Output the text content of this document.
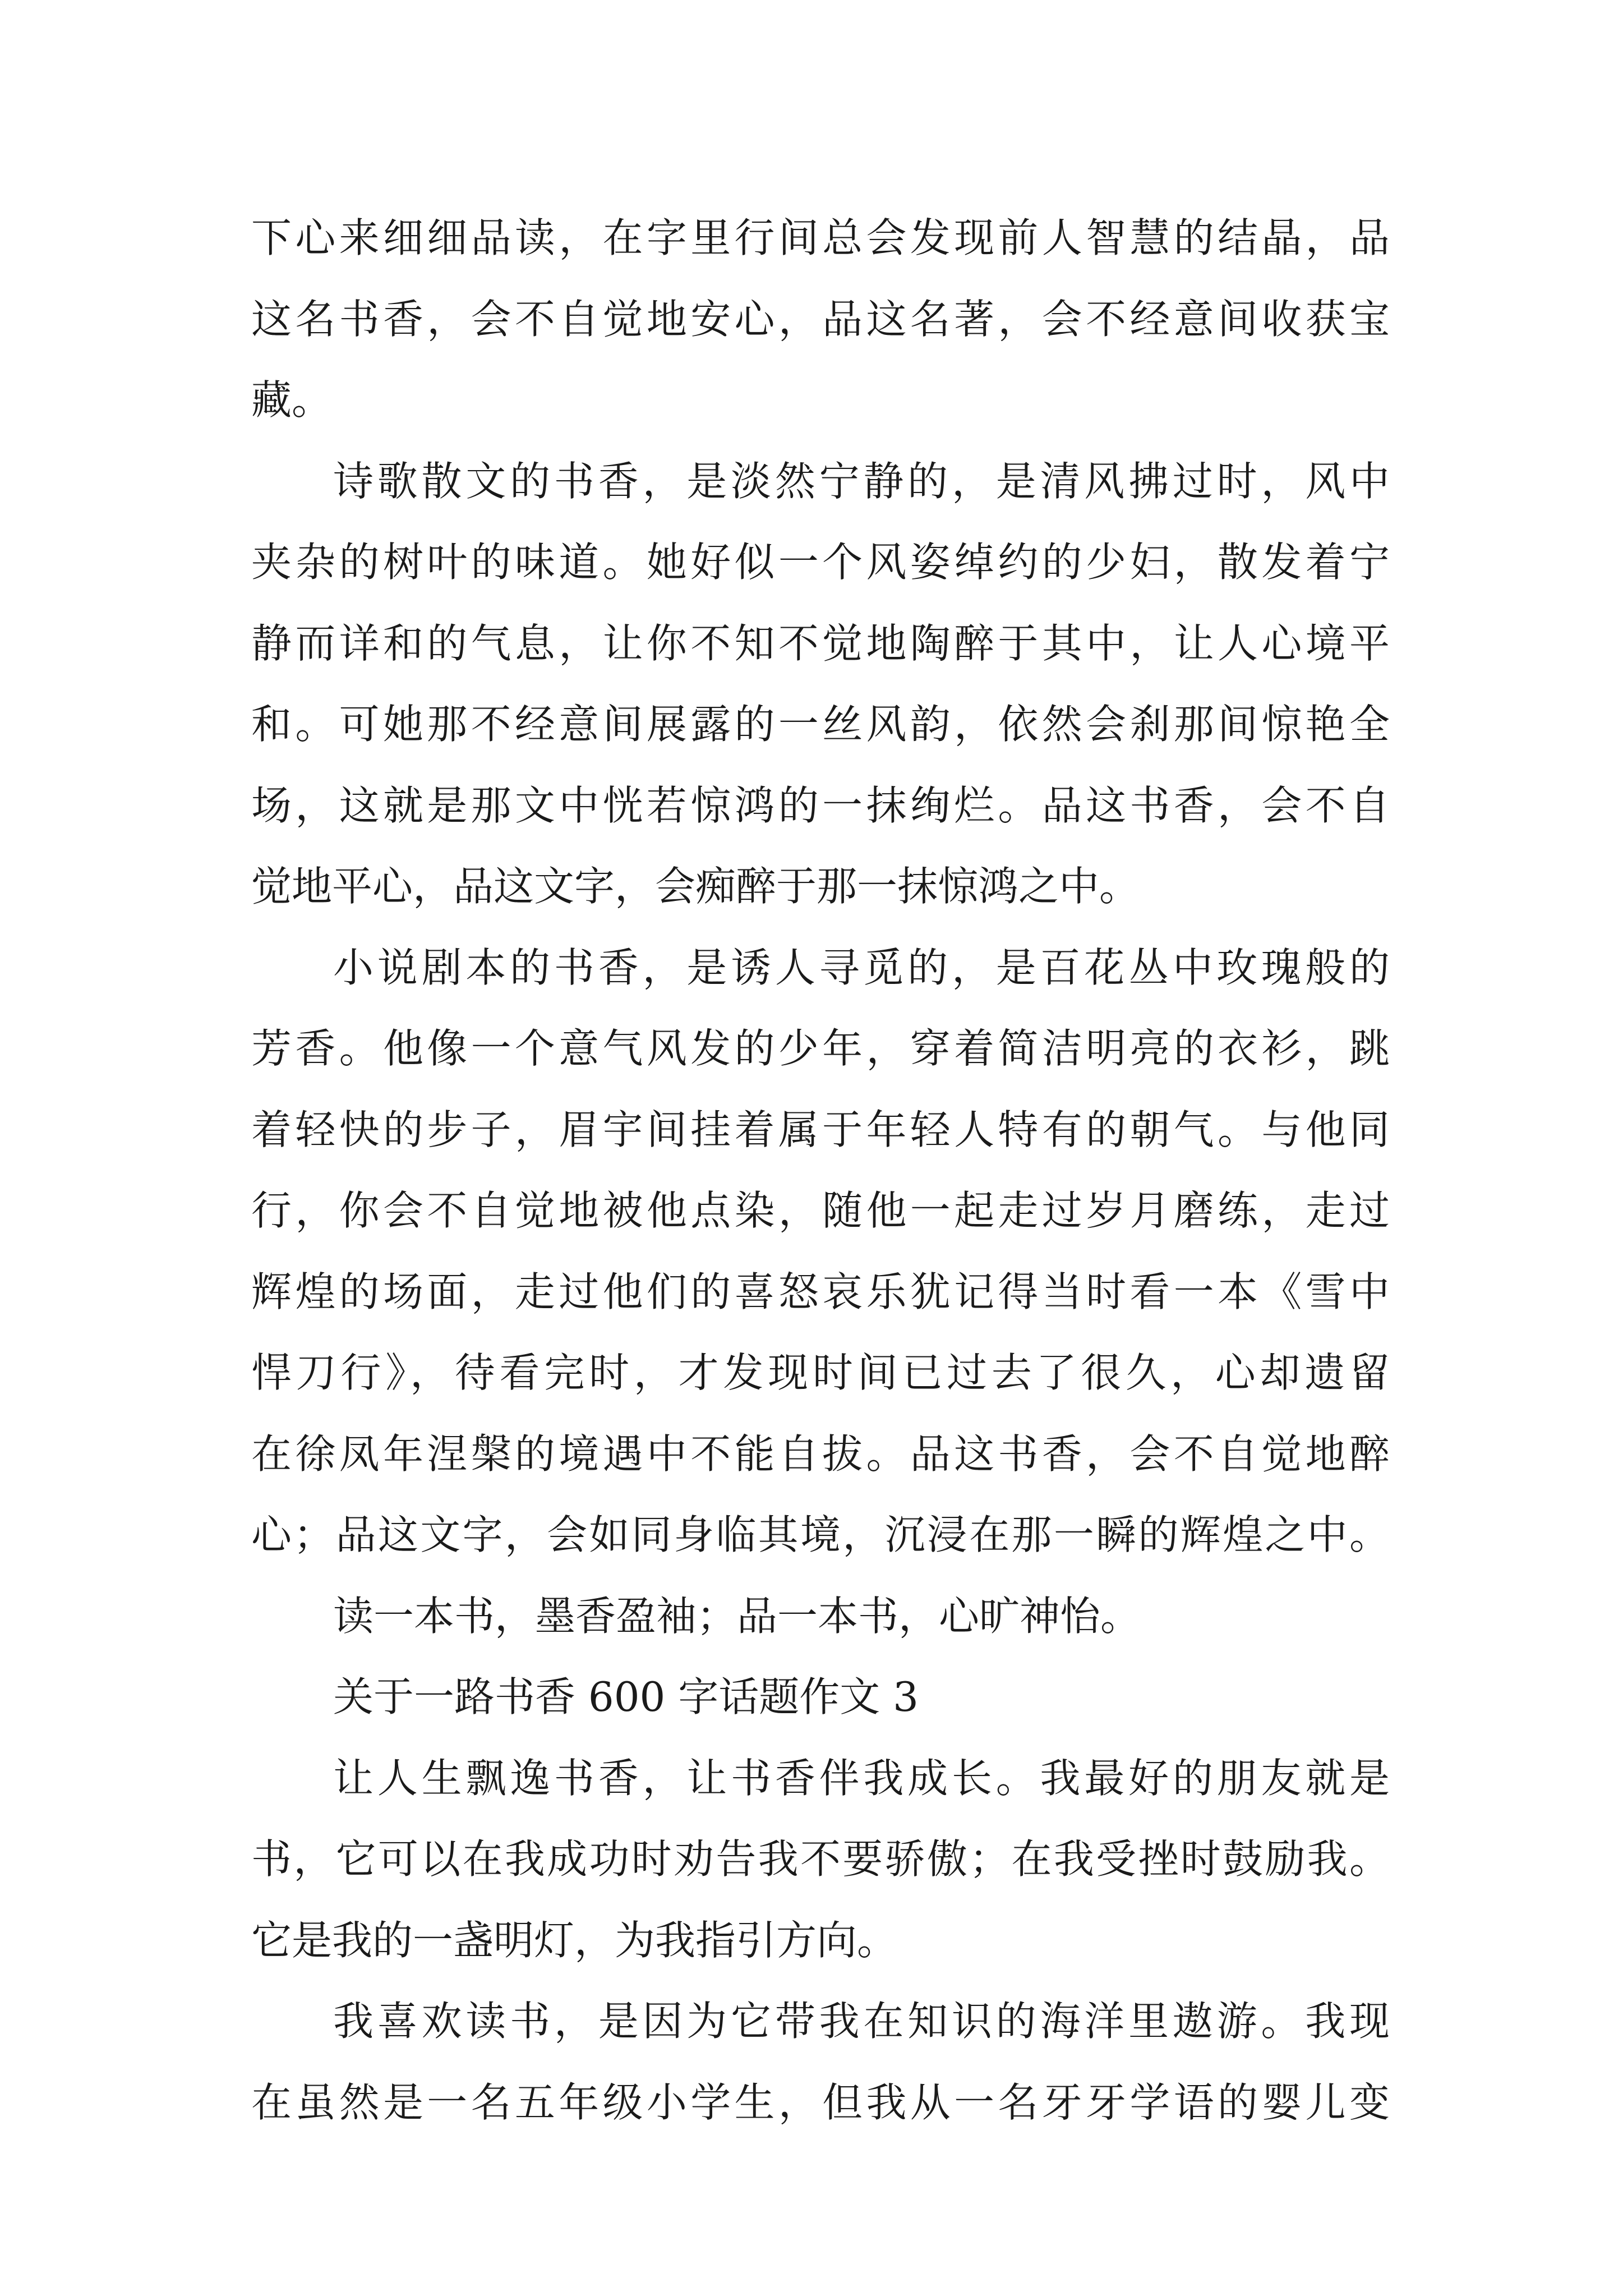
下心来细细品读，在字里行间总会发现前人智慧的结晶，品
这名书香，会不自觉地安心，品这名著，会不经意间收获宝
藏。
诗歌散文的书香，是淡然宁静的，是清风拂过时，风中
夹杂的树叶的味道。她好似一个风姿绰约的少妇，散发着宁
静而详和的气息，让你不知不觉地陶醉于其中，让人心境平
和。可她那不经意间展露的一丝风韵，依然会刹那间惊艳全
场，这就是那文中恍若惊鸿的一抹绚烂。品这书香，会不自
觉地平心，品这文字，会痴醉于那一抹惊鸿之中。
小说剧本的书香，是诱人寻觅的，是百花丛中玫瑰般的
芳香。他像一个意气风发的少年，穿着简洁明亮的衣衫，跳
着轻快的步子，眉宇间挂着属于年轻人特有的朝气。与他同
行，你会不自觉地被他点染，随他一起走过岁月磨练，走过
辉煌的场面，走过他们的喜怒哀乐犹记得当时看一本《雪中
悍刀行》，待看完时，才发现时间已过去了很久，心却遗留
在徐凤年涅槃的境遇中不能自拔。品这书香，会不自觉地醉
心；品这文字，会如同身临其境，沉浸在那一瞬的辉煌之中。
读一本书，墨香盈袖；品一本书，心旷神怡。
关于一路书香 600 字话题作文 3
让人生飘逸书香，让书香伴我成长。我最好的朋友就是
书，它可以在我成功时劝告我不要骄傲；在我受挫时鼓励我。
它是我的一盏明灯，为我指引方向。
我喜欢读书，是因为它带我在知识的海洋里遨游。我现
在虽然是一名五年级小学生，但我从一名牙牙学语的婴儿变
